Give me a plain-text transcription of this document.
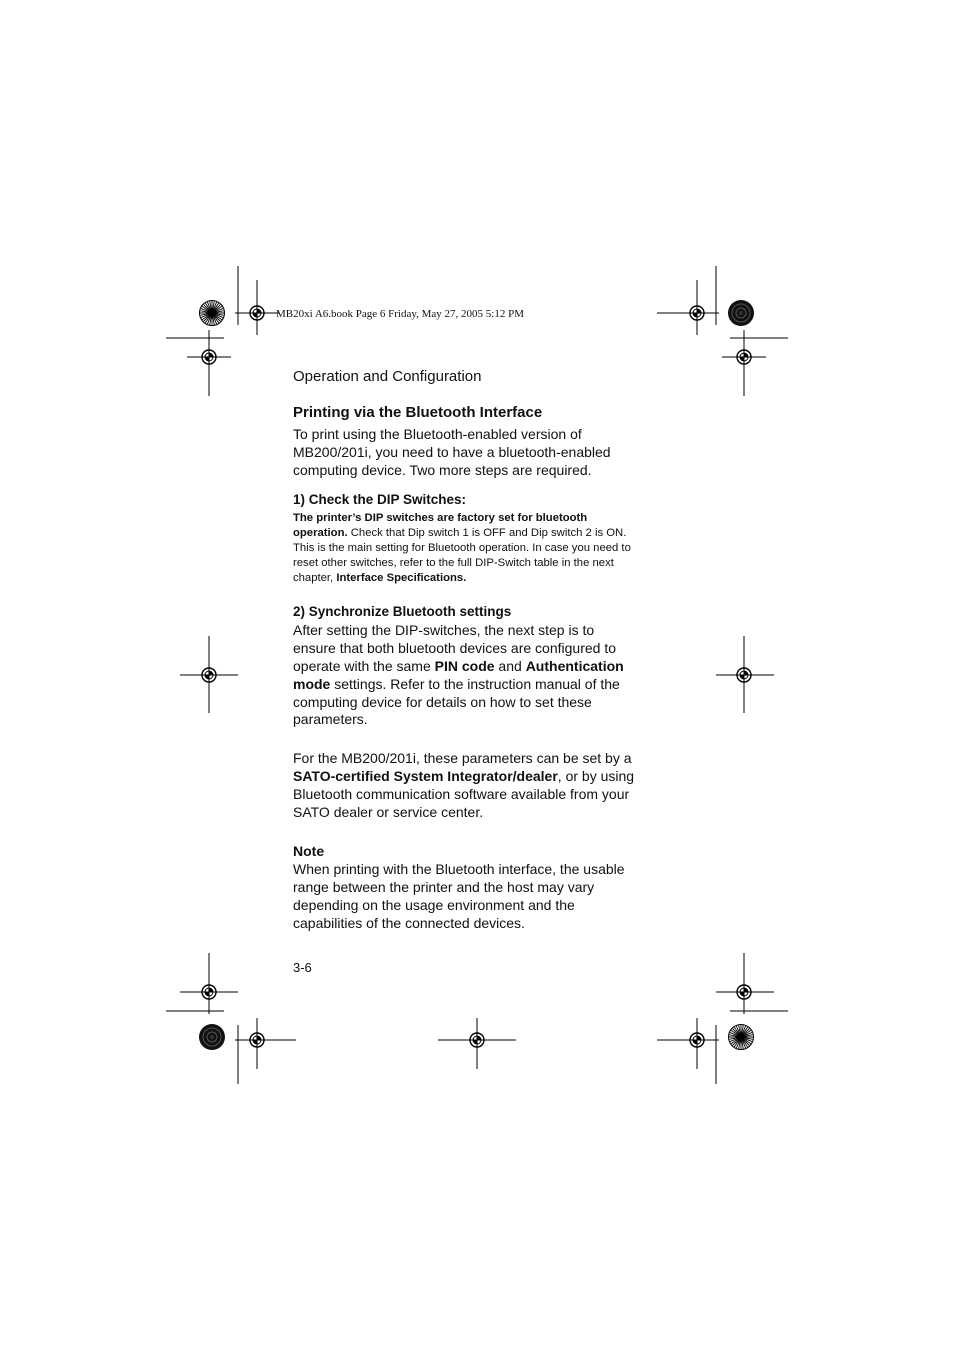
MB20xi A6.book Page 6 Friday, May 27, 2005 5:12 PM

Operation and Configuration

Printing via the Bluetooth Interface

To print using the Bluetooth-enabled version of MB200/201i, you need to have a bluetooth-enabled computing device. Two more steps are required.

1) Check the DIP Switches:

The printer’s DIP switches are factory set for bluetooth operation. Check that Dip switch 1 is OFF and Dip switch 2 is ON. This is the main setting for Bluetooth operation. In case you need to reset other switches, refer to the full DIP-Switch table in the next chapter, Interface Specifications.

2) Synchronize Bluetooth settings

After setting the DIP-switches, the next step is to ensure that both bluetooth devices are configured to operate with the same PIN code and Authentication mode settings. Refer to the instruction manual of the computing device for details on how to set these parameters.

For the MB200/201i, these parameters can be set by a SATO-certified System Integrator/dealer, or by using Bluetooth communication software available from your SATO dealer or service center.

Note

When printing with the Bluetooth interface, the usable range between the printer and the host may vary depending on the usage environment and the capabilities of the connected devices.

3-6
